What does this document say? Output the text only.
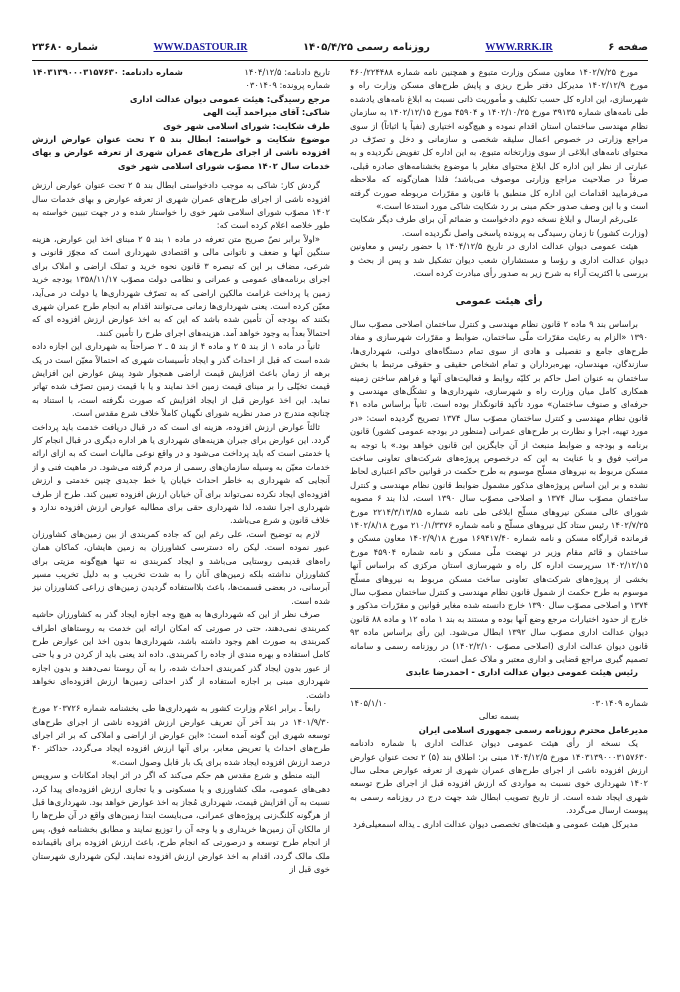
صفحه ۶
WWW.RRK.IR
روزنامه رسمی ۱۴۰۵/۴/۲۵
WWW.DASTOUR.IR
شماره ۲۳۶۸۰

مورخ ۱۴۰۲/۷/۲۵ معاون مسکن وزارت متبوع و همچنین نامه شماره ۴۶۰/۲۲۴۴۸۸ مورخ ۱۴۰۲/۱۲/۹ مدیرکل دفتر طرح ریزی و پایش طرح‌های مسکن وزارت راه و شهرسازی، این اداره کل حسب تکلیف و مأموریت ذاتی نسبت به ابلاغ نامه‌های یادشده طی نامه‌های شماره ۳۹۱۳۵ مورخ ۱۴۰۲/۱۰/۲۵ و ۴۵۹۰۴ مورخ ۱۴۰۲/۱۲/۱۵ به سازمان نظام مهندسی ساختمان استان اقدام نموده و هیچ‌گونه اختیاری (نفیاً یا اثباتاً) از سوی مراجع وزارتی در خصوص اعمال سلیقه شخصی و سازمانی و دخل و تصرّف در محتوای نامه‌های ابلاغی از سوی وزارتخانه متبوع، به این اداره کل تفویض نگردیده و به عبارتی از نظر این اداره کل ابلاغ محتوای مغایر با موضوع بخشنامه‌های صادره قبلی، صرفاً در صلاحیت مراجع وزارتی موصوف می‌باشد؛ فلذا همان‌گونه که ملاحظه می‌فرمایید اقدامات این اداره کل منطبق با قانون و مقرّرات مربوطه صورت گرفته است و با این وصف صدور حکم مبنی بر رد شکایت شاکی مورد استدعا است.»

علی‌رغم ارسال و ابلاغ نسخه دوم دادخواست و ضمائم آن برای طرف دیگر شکایت (وزارت کشور) تا زمان رسیدگی به پرونده پاسخی واصل نگردیده است.

هیئت عمومی دیوان عدالت اداری در تاریخ ۱۴۰۴/۱۲/۵ با حضور رئیس و معاونین دیوان عدالت اداری و رؤسا و مستشاران شعب دیوان تشکیل شد و پس از بحث و بررسی با اکثریت آراء به شرح زیر به صدور رأی مبادرت کرده است.

رأی هیئت عمومی

براساس بند ۹ ماده ۲ قانون نظام مهندسی و کنترل ساختمان اصلاحی مصوّب سال ۱۳۹۰ «الزام به رعایت مقرّرات ملّی ساختمان، ضوابط و مقرّرات شهرسازی و مفاد طرح‌های جامع و تفصیلی و هادی از سوی تمام دستگاه‌های دولتی، شهرداری‌ها، سازندگان، مهندسان، بهره‌برداران و تمام اشخاص حقیقی و حقوقی مرتبط با بخش ساختمان به عنوان اصل حاکم بر کلیّه روابط و فعالیت‌های آنها و فراهم ساختن زمینه همکاری کامل میان وزارت راه و شهرسازی، شهرداری‌ها و تشکّل‌های مهندسی و حرفه‌ای و صنوف ساختمان» مورد تأکید قانونگذار بوده است. ثانیاً براساس ماده ۴۱ قانون نظام مهندسی و کنترل ساختمان مصوّب سال ۱۳۷۴ تصریح گردیده است: «در مورد تهیه، اجرا و نظارت بر طرح‌های عمرانی (منظور در بودجه عمومی کشور) قانون برنامه و بودجه و ضوابط منبعث از آن جایگزین این قانون خواهد بود.» با توجه به مراتب فوق و با عنایت به این که درخصوص پروژه‌های شرکت‌های تعاونی ساخت مسکن مربوط به نیروهای مسلّح موسوم به طرح حکمت در قوانین حاکم اعتباری لحاظ نشده و بر این اساس پروژه‌های مذکور مشمول ضوابط قانون نظام مهندسی و کنترل ساختمان مصوّب سال ۱۳۷۴ و اصلاحی مصوّب سال ۱۳۹۰ است، لذا بند ۶ مصوبه شورای عالی مسکن نیروهای مسلّح ابلاغی طی نامه شماره ۲۲۱۴/۳/۱۳/۸۵ مورخ ۱۴۰۲/۷/۲۵ رئیس ستاد کل نیروهای مسلّح و نامه شماره ۲۱۰/۱/۳۳۷۶ مورخ ۱۴۰۲/۸/۱۸ فرمانده قرارگاه مسکن و نامه شماره ۱۶۹۴۱۷/۴۰ مورخ ۱۴۰۲/۹/۱۸ معاون مسکن و ساختمان و قائم مقام وزیر در نهضت ملّی مسکن و نامه شماره ۴۵۹۰۴ مورخ ۱۴۰۲/۱۲/۱۵ سرپرست اداره کل راه و شهرسازی استان مرکزی که براساس آنها بخشی از پروژه‌های شرکت‌های تعاونی ساخت مسکن مربوط به نیروهای مسلّح موسوم به طرح حکمت از شمول قانون نظام مهندسی و کنترل ساختمان مصوّب سال ۱۳۷۴ و اصلاحی مصوّب سال ۱۳۹۰ خارج دانسته شده مغایر قوانین و مقرّرات مذکور و خارج از حدود اختیارات مرجع وضع آنها بوده و مستند به بند ۱ ماده ۱۲ و ماده ۸۸ قانون دیوان عدالت اداری مصوّب سال ۱۳۹۲ ابطال می‌شود. این رأی براساس ماده ۹۳ قانون دیوان عدالت اداری (اصلاحی مصوّب ۱۴۰۲/۲/۱۰) در روزنامه رسمی و سامانه تصمیم گیری مراجع قضایی و اداری معتبر و ملاک عمل است.

رئیس هیئت عمومی دیوان عدالت اداری - احمدرضا عابدی

شماره ۰۳۰۱۴۰۹
۱۴۰۵/۱/۱۰
بسمه تعالی
مدیرعامل محترم روزنامه رسمی جمهوری اسلامی ایران

یک نسخه از رأی هیئت عمومی دیوان عدالت اداری با شماره دادنامه ۱۴۰۳۱۳۹۰۰۰۳۱۵۷۶۳۰ مورخ ۱۴۰۴/۱۲/۵ مبنی بر: اطلاق بند (۵) ۲ تحت عنوان عوارض ارزش افزوده ناشی از اجرای طرح‌های عمران شهری از تعرفه عوارض محلی سال ۱۴۰۲ شهرداری خوی نسبت به مواردی که ارزش افزوده قبل از اجرای طرح توسعه شهری ایجاد شده است. از تاریخ تصویب ابطال شد جهت درج در روزنامه رسمی به پیوست ارسال می‌گردد.

مدیرکل هیئت عمومی و هیئت‌های تخصصی دیوان عدالت اداری ـ یداله اسمعیلی‌فرد

تاریخ دادنامه: ۱۴۰۴/۱۲/۵
شماره دادنامه: ۱۴۰۳۱۳۹۰۰۰۳۱۵۷۶۳۰
شماره پرونده: ۰۳۰۱۴۰۹
مرجع رسیدگی: هیئت عمومی دیوان عدالت اداری
شاکی: آقای میراحمد آیت الهی
طرف شکایت: شورای اسلامی شهر خوی
موضوع شکایت و خواسته: ابطال بند ۵ ۲ تحت عنوان عوارض ارزش افزوده ناشی از اجرای طرح‌های عمران شهری از تعرفه عوارض و بهای خدمات سال ۱۴۰۲ مصوّب شورای اسلامی شهر خوی

گردش کار: شاکی به موجب دادخواستی ابطال بند ۵ ۲ تحت عنوان عوارض ارزش افزوده ناشی از اجرای طرح‌های عمران شهری از تعرفه عوارض و بهای خدمات سال ۱۴۰۲ مصوّب شورای اسلامی شهر خوی را خواستار شده و در جهت تبیین خواسته به طور خلاصه اعلام کرده است که:

«اولاً برابر نصّ صریح متن تعرفه در ماده ۱ بند ۵ ۲ مبنای اخذ این عوارض، هزینه سنگین آنها و ضعف و ناتوانی مالی و اقتصادی شهرداری است که مجوّز قانونی و شرعی، مضاف بر این که تبصره ۳ قانون نحوه خرید و تملک اراضی و املاک برای اجرای برنامه‌های عمومی و عمرانی و نظامی دولت مصوّب ۱۳۵۸/۱۱/۱۷ بودجه خرید زمین یا پرداخت غرامت مالکین اراضی که به تصرّف شهرداری‌ها یا دولت در می‌آید، معیّن کرده است. یعنی شهرداری‌ها زمانی می‌توانند اقدام به انجام طرح عمران شهری بکنند که بودجه آن تأمین شده باشد که این که به اخذ عوارض ارزش افزوده ای که احتمالاً بعداً به وجود خواهد آمد. هزینه‌های اجرای طرح را تأمین کنند.

ثانیاً در ماده ۱ از بند ۵ ۲ و ماده ۴ از بند ۵ ـ ۲ صراحتاً به شهرداری این اجازه داده شده است که قبل از احداث گذر و ایجاد تأسیسات شهری که احتمالاً معیّن است در یک برهه از زمان باعث افزایش قیمت اراضی همجوار شود پیش عوارض این افزایش قیمت تخیّلی را بر مبنای قیمت زمین اخذ نمایند و یا با قیمت زمین تصرّف شده تهاتر نماید. این اخذ عوارض قبل از ایجاد افزایش که صورت نگرفته است، با استناد به چنانچه مندرج در صدر نظریه شورای نگهبان کاملاً خلاف شرع مقدس است.

ثالثاً عوارض ارزش افزوده، هزینه ای است که در قبال دریافت خدمت باید پرداخت گردد. این عوارض برای جبران هزینه‌های شهرداری یا هر اداره دیگری در قبال انجام کار یا خدمتی است که باید پرداخت می‌شود و در واقع نوعی مالیات است که به ازای ارائه خدمات معیّن به وسیله سازمان‌های رسمی از مردم گرفته می‌شود. در ماهیت فنی و از آنجایی که شهرداری به خاطر احداث خیابان یا خط جدیدی چنین خدمتی و ارزش افزوده‌ای ایجاد نکرده نمی‌تواند برای آن خیابان ارزش افزوده تعیین کند. طرح از طرف شهرداری اجرا نشده، لذا شهرداری حقی برای مطالبه عوارض ارزش افزوده ندارد و خلاف قانون و شرع می‌باشد.

لازم به توضیح است، علی رغم این که جاده کمربندی از بین زمین‌های کشاورزان عبور نموده است. لیکن راه دسترسی کشاورزان به زمین هایشان، کماکان همان راه‌های قدیمی روستایی می‌باشد و ایجاد کمربندی نه تنها هیچ‌گونه مزیتی برای کشاورزان نداشته بلکه زمین‌های آنان را به شدت تخریب و به دلیل تخریب مسیر آبرسانی، در بعضی قسمت‌ها، باعث بلااستفاده گردیدن زمین‌های زراعی کشاورزان نیز شده است.

صرف نظر از این که شهرداری‌ها به هیچ وجه اجازه ایجاد گذر به کشاورزان حاشیه کمربندی نمی‌دهند، حتی در صورتی که امکان ارائه این خدمت به روستاهای اطراف کمربندی به صورت اهم وجود داشته باشد، شهرداری‌ها بدون اخذ این عوارض طرح کامل استفاده و بهره مندی از جاده را کمربندی. داده اند یعنی باید از کردن در و یا حتی از عبور بدون ایجاد گذر کمربندی احداث شده، را به آن روستا نمی‌دهند و بدون اجازه شهرداری مبنی بر اجازه استفاده از گذر احداثی زمین‌ها ارزش افزوده‌ای نخواهد داشت.

رابعاً ـ برابر اعلام وزارت کشور به شهرداری‌ها طی بخشنامه شماره ۲۰۳۷۲۶ مورخ ۱۴۰۱/۹/۳۰ در بند آخر آن تعریف عوارض ارزش افزوده ناشی از اجرای طرح‌های توسعه شهری این گونه آمده است: «این عوارض از اراضی و املاکی که بر اثر اجرای طرح‌های احداث یا تعریض معابر، برای آنها ارزش افزوده ایجاد می‌گردد، حداکثر ۴۰ درصد ارزش افزوده ایجاد شده برای یک بار قابل وصول است.»

البته منطق و شرع مقدس هم حکم می‌کند که اگر در اثر ایجاد امکانات و سرویس دهی‌های عمومی، ملک کشاورزی و یا مسکونی و یا تجاری ارزش افزوده‌ای پیدا کرد، نسبت به آن افزایش قیمت، شهرداری مُجاز به اخذ عوارض خواهد بود. شهرداری‌ها قبل از هرگونه کلنگ‌زنی پروژه‌های عمرانی، می‌بایست ابتدا زمین‌های واقع در آن طرح‌ها را از مالکان آن زمین‌ها خریداری و یا وجه آن را توزیع نمایند و مطابق بخشنامه فوق، پس از انجام طرح توسعه و درصورتی که انجام طرح، باعث ارزش افزوده برای باقیمانده ملک مالک گردد، اقدام به اخذ عوارض ارزش افزوده نمایند. لیکن شهرداری شهرستان خوی قبل از
